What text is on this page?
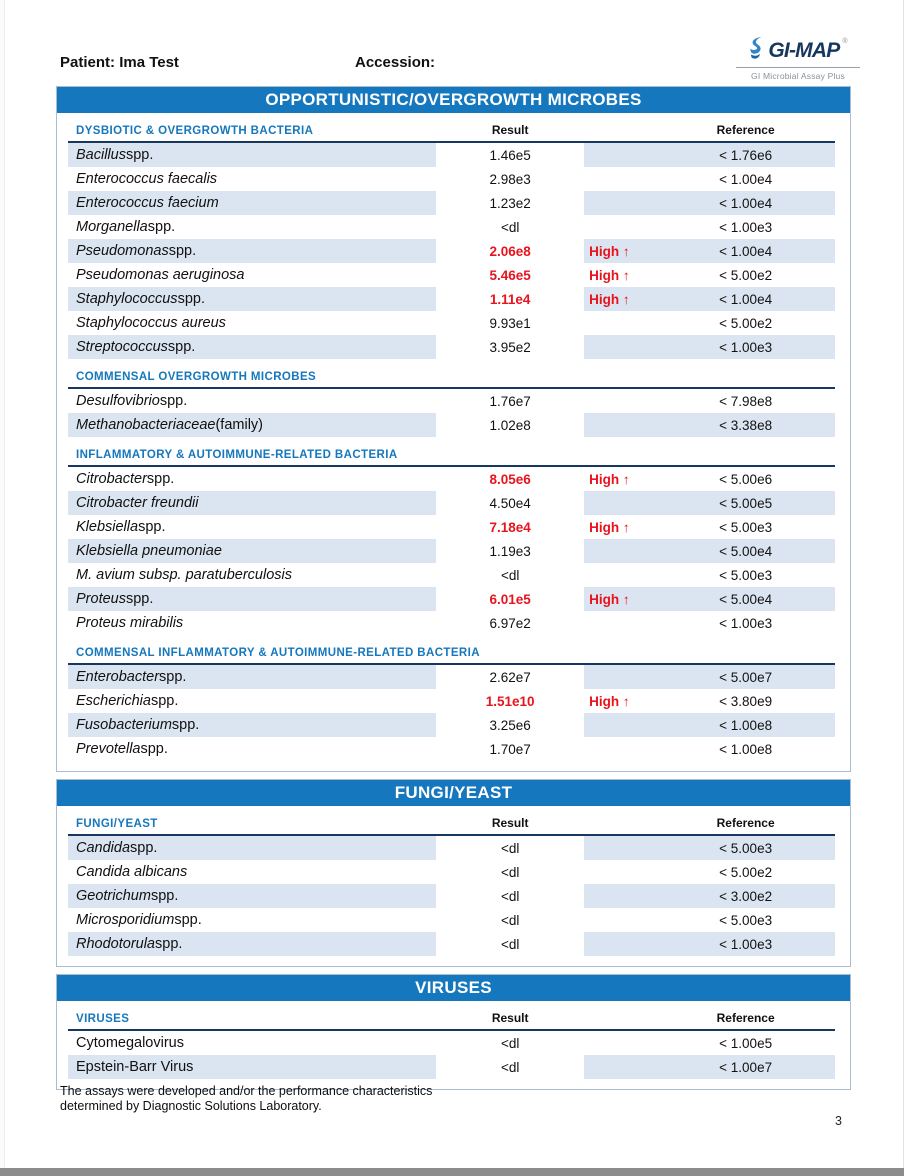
Patient: Ima Test	Accession:
GI-MAP ®
GI Microbial Assay Plus
OPPORTUNISTIC/OVERGROWTH MICROBES
DYSBIOTIC & OVERGROWTH BACTERIA	Result	Reference
Bacillus spp.	1.46e5	< 1.76e6
Enterococcus faecalis	2.98e3	< 1.00e4
Enterococcus faecium	1.23e2	< 1.00e4
Morganella spp.	<dl	< 1.00e3
Pseudomonas spp.	2.06e8	High ↑	< 1.00e4
Pseudomonas aeruginosa	5.46e5	High ↑	< 5.00e2
Staphylococcus spp.	1.11e4	High ↑	< 1.00e4
Staphylococcus aureus	9.93e1	< 5.00e2
Streptococcus spp.	3.95e2	< 1.00e3
COMMENSAL OVERGROWTH MICROBES
Desulfovibrio spp.	1.76e7	< 7.98e8
Methanobacteriaceae (family)	1.02e8	< 3.38e8
INFLAMMATORY & AUTOIMMUNE-RELATED BACTERIA
Citrobacter spp.	8.05e6	High ↑	< 5.00e6
Citrobacter freundii	4.50e4	< 5.00e5
Klebsiella spp.	7.18e4	High ↑	< 5.00e3
Klebsiella pneumoniae	1.19e3	< 5.00e4
M. avium subsp. paratuberculosis	<dl	< 5.00e3
Proteus spp.	6.01e5	High ↑	< 5.00e4
Proteus mirabilis	6.97e2	< 1.00e3
COMMENSAL INFLAMMATORY & AUTOIMMUNE-RELATED BACTERIA
Enterobacter spp.	2.62e7	< 5.00e7
Escherichia spp.	1.51e10	High ↑	< 3.80e9
Fusobacterium spp.	3.25e6	< 1.00e8
Prevotella spp.	1.70e7	< 1.00e8
FUNGI/YEAST
FUNGI/YEAST	Result	Reference
Candida spp.	<dl	< 5.00e3
Candida albicans	<dl	< 5.00e2
Geotrichum spp.	<dl	< 3.00e2
Microsporidium spp.	<dl	< 5.00e3
Rhodotorula spp.	<dl	< 1.00e3
VIRUSES
VIRUSES	Result	Reference
Cytomegalovirus	<dl	< 1.00e5
Epstein-Barr Virus	<dl	< 1.00e7
The assays were developed and/or the performance characteristics
determined by Diagnostic Solutions Laboratory.
3
